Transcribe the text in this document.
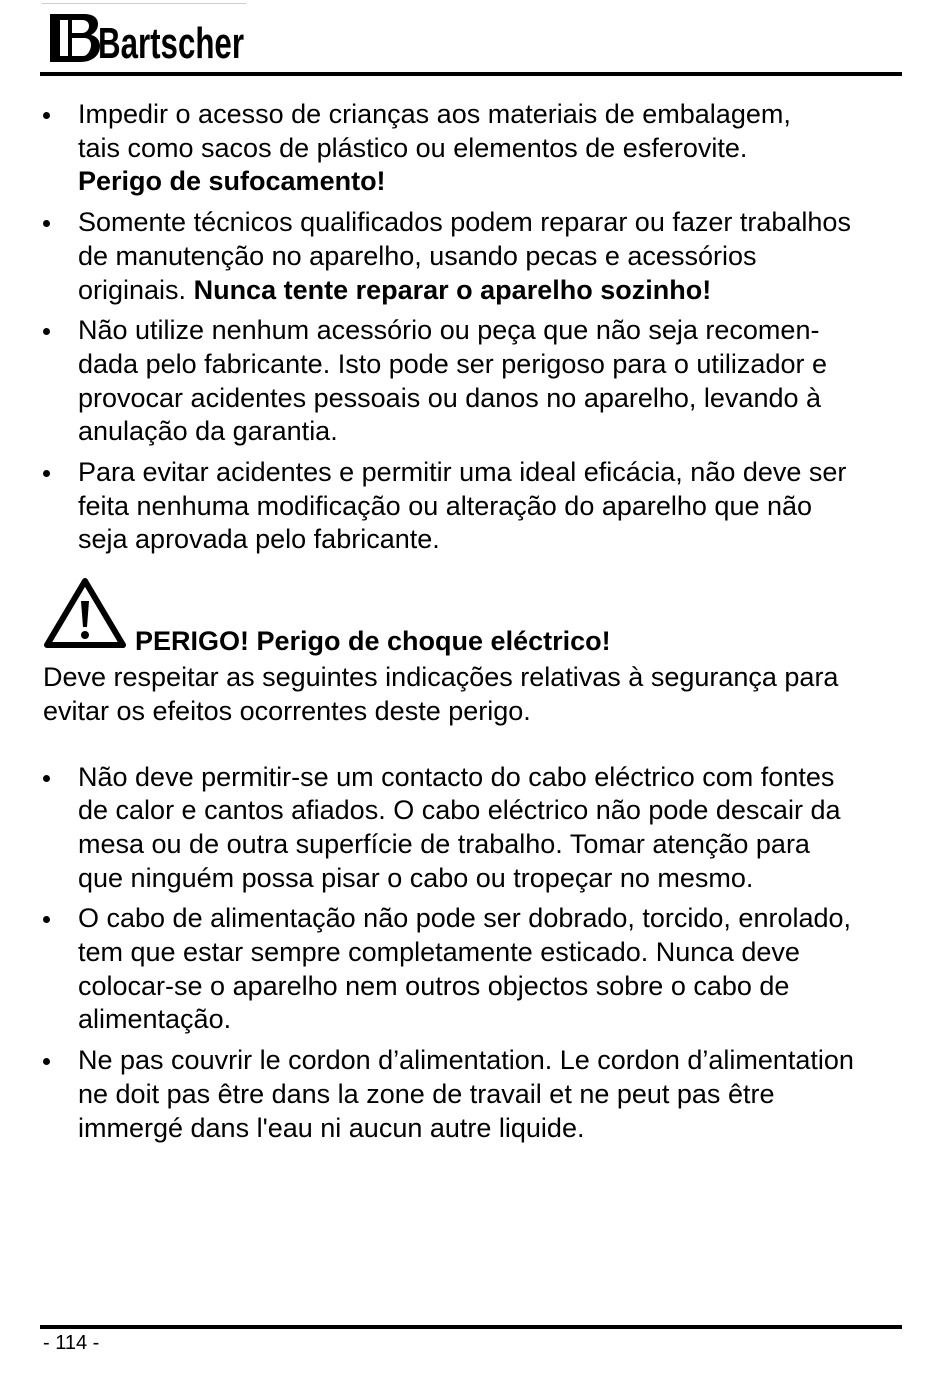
Bartscher
Impedir o acesso de crianças aos materiais de embalagem,
tais como sacos de plástico ou elementos de esferovite.
Perigo de sufocamento!
Somente técnicos qualificados podem reparar ou fazer trabalhos
de manutenção no aparelho, usando pecas e acessórios
originais. Nunca tente reparar o aparelho sozinho!
Não utilize nenhum acessório ou peça que não seja recomen-
dada pelo fabricante. Isto pode ser perigoso para o utilizador e
provocar acidentes pessoais ou danos no aparelho, levando à
anulação da garantia.
Para evitar acidentes e permitir uma ideal eficácia, não deve ser
feita nenhuma modificação ou alteração do aparelho que não
seja aprovada pelo fabricante.
PERIGO! Perigo de choque eléctrico!

Deve respeitar as seguintes indicações relativas à segurança para
evitar os efeitos ocorrentes deste perigo.

Não deve permitir-se um contacto do cabo eléctrico com fontes
de calor e cantos afiados. O cabo eléctrico não pode descair da
mesa ou de outra superfície de trabalho. Tomar atenção para
que ninguém possa pisar o cabo ou tropeçar no mesmo.
O cabo de alimentação não pode ser dobrado, torcido, enrolado,
tem que estar sempre completamente esticado. Nunca deve
colocar-se o aparelho nem outros objectos sobre o cabo de
alimentação.
Ne pas couvrir le cordon d’alimentation. Le cordon d’alimentation
ne doit pas être dans la zone de travail et ne peut pas être
immergé dans l'eau ni aucun autre liquide.
- 114 -
